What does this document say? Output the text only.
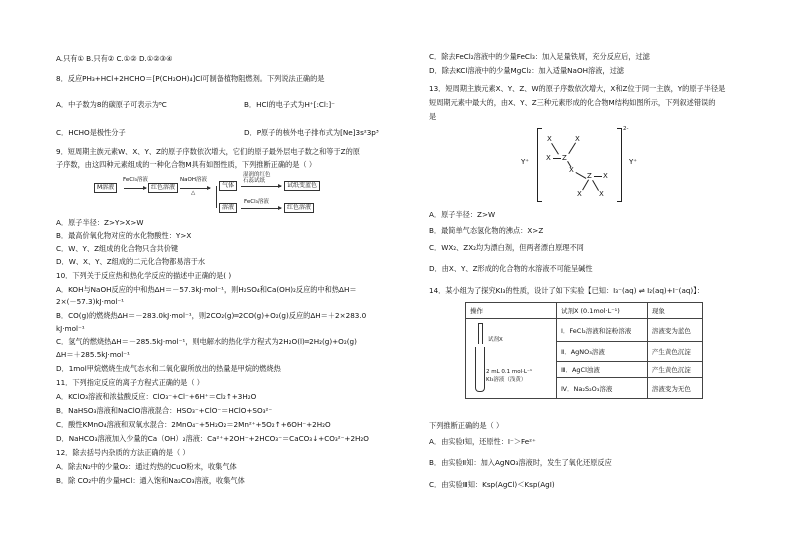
A.只有① B.只有② C.①② D.①②③④
8．反应PH₃+HCl+2HCHO＝[P(CH₂OH)₄]Cl可制备植物阻燃剂。下列说法正确的是
A．中子数为8的碳原子可表示为⁸C	B．HCl的电子式为H⁺[:Cl:]⁻
C．HCHO是极性分子	D．P原子的核外电子排布式为[Ne]3s²3p³
9．短周期主族元素W、X、Y、Z的原子序数依次增大，它们的原子最外层电子数之和等于Z的原
子序数，由这四种元素组成的一种化合物M具有如图性质，下列推断正确的是（ ）
M溶液
FeCl₃溶液
红色溶液
NaOH溶液
△
气体
湿润的红色
石蕊试纸
试纸变蓝色
溶液
FeCl₃溶液
红色溶液
A．原子半径：Z>Y>X>W
B．最高价氧化物对应的水化物酸性：Y>X
C．W、Y、Z组成的化合物只含共价键
D．W、X、Y、Z组成的二元化合物都易溶于水
10．下列关于反应热和热化学反应的描述中正确的是( )
A．KOH与NaOH反应的中和热ΔH＝－57.3kJ·mol⁻¹，则H₂SO₄和Ca(OH)₂反应的中和热ΔH＝
2×(－57.3)kJ·mol⁻¹
B．CO(g)的燃烧热ΔH＝－283.0kJ·mol⁻¹，则2CO₂(g)═2CO(g)+O₂(g)反应的ΔH＝＋2×283.0
kJ·mol⁻¹
C．氢气的燃烧热ΔH＝－285.5kJ·mol⁻¹，则电解水的热化学方程式为2H₂O(l)═2H₂(g)+O₂(g)
ΔH＝＋285.5kJ·mol⁻¹
D．1mol甲烷燃烧生成气态水和二氧化碳所放出的热量是甲烷的燃烧热
11．下列指定反应的离子方程式正确的是（ ）
A．KClO₃溶液和浓盐酸反应：ClO₃⁻+Cl⁻+6H⁺＝Cl₂↑+3H₂O
B．NaHSO₃溶液和NaClO溶液混合：HSO₃⁻+ClO⁻＝HClO+SO₃²⁻
C．酸性KMnO₄溶液和双氧水混合：2MnO₄⁻+5H₂O₂＝2Mn²⁺+5O₂↑+6OH⁻+2H₂O
D．NaHCO₃溶液加入少量的Ca（OH）₂溶液：Ca²⁺+2OH⁻+2HCO₃⁻＝CaCO₃↓+CO₃²⁻+2H₂O
12．除去括号内杂质的方法正确的是（ ）
A．除去N₂中的少量O₂：通过灼热的CuO粉末，收集气体
B．除 CO₂中的少量HCl：通入饱和Na₂CO₃溶液，收集气体
C．除去FeCl₂溶液中的少量FeCl₃：加入足量铁屑，充分反应后，过滤
D．除去KCl溶液中的少量MgCl₂：加入适量NaOH溶液，过滤
13．短周期主族元素X、Y、Z、W的原子序数依次增大，X和Z位于同一主族，Y的原子半径是
短周期元素中最大的，由X、Y、Z三种元素形成的化合物M结构如图所示，下列叙述错误的
是
Y⁺
2-
Y⁺
X	X
X Z
X
Z X
X X
A．原子半径：Z>W
B．最简单气态氢化物的沸点：X>Z
C．WX₂、ZX₂均为漂白剂，但两者漂白原理不同
D．由X、Y、Z形成的化合物的水溶液不可能呈碱性
14．某小组为了探究KI₃的性质，设计了如下实验【已知：I₃⁻(aq) ⇌ I₂(aq)+I⁻(aq)】：
操作	试剂X (0.1mol·L⁻¹)	现象

试剂X
2 mL 0.1 mol·L⁻¹
KI₃溶液（浅黄）	Ⅰ．FeCl₂溶液和淀粉溶液	溶液变为蓝色
	Ⅱ．AgNO₃溶液	产生黄色沉淀
	Ⅲ．AgCl浊液	产生黄色沉淀
	Ⅳ．Na₂S₂O₃溶液	溶液变为无色
下列推断正确的是（ ）
A．由实验Ⅰ知，还原性：I⁻＞Fe²⁺
B．由实验Ⅱ知：加入AgNO₃溶液时，发生了氧化还原反应
C．由实验Ⅲ知：Ksp(AgCl)＜Ksp(AgI)
